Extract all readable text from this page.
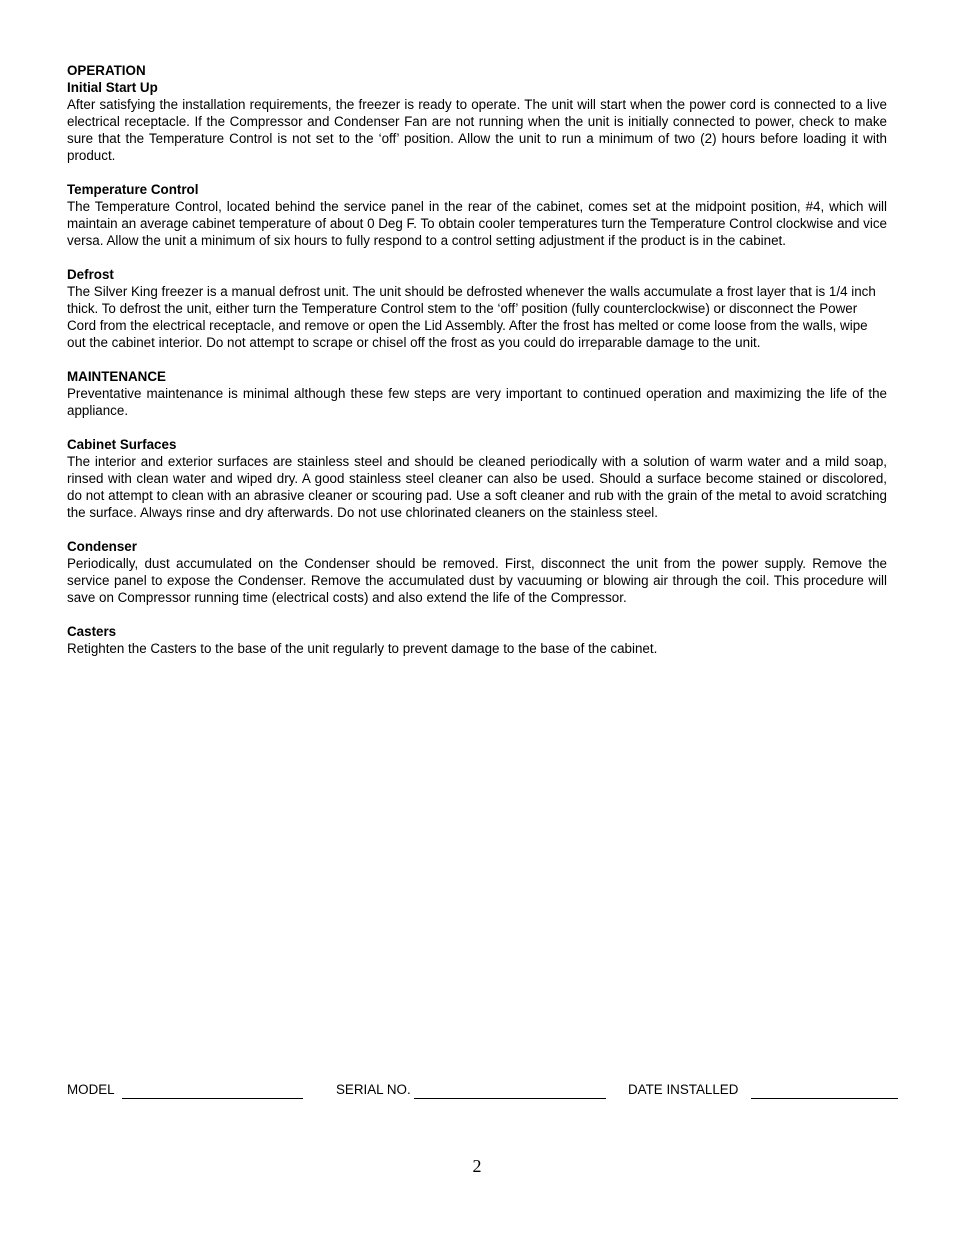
OPERATION

Initial Start Up

After satisfying the installation requirements, the freezer is ready to operate. The unit will start when the power cord is connected to a live electrical receptacle. If the Compressor and Condenser Fan are not running when the unit is initially connected to power, check to make sure that the Temperature Control is not set to the ‘off’ position. Allow the unit to run a minimum of two (2) hours before loading it with product.

Temperature Control

The Temperature Control, located behind the service panel in the rear of the cabinet, comes set at the midpoint position, #4, which will maintain an average cabinet temperature of about 0 Deg F. To obtain cooler temperatures turn the Temperature Control clockwise and vice versa. Allow the unit a minimum of six hours to fully respond to a control setting adjustment if the product is in the cabinet.

Defrost

The Silver King freezer is a manual defrost unit. The unit should be defrosted whenever the walls accumulate a frost layer that is 1/4 inch thick. To defrost the unit, either turn the Temperature Control stem to the ‘off’ position (fully counterclockwise) or disconnect the Power Cord from the electrical receptacle, and remove or open the Lid Assembly. After the frost has melted or come loose from the walls, wipe out the cabinet interior. Do not attempt to scrape or chisel off the frost as you could do irreparable damage to the unit.

MAINTENANCE

Preventative maintenance is minimal although these few steps are very important to continued operation and maximizing the life of the appliance.

Cabinet Surfaces

The interior and exterior surfaces are stainless steel and should be cleaned periodically with a solution of warm water and a mild soap, rinsed with clean water and wiped dry. A good stainless steel cleaner can also be used. Should a surface become stained or discolored, do not attempt to clean with an abrasive cleaner or scouring pad. Use a soft cleaner and rub with the grain of the metal to avoid scratching the surface. Always rinse and dry afterwards. Do not use chlorinated cleaners on the stainless steel.

Condenser

Periodically, dust accumulated on the Condenser should be removed. First, disconnect the unit from the power supply. Remove the service panel to expose the Condenser. Remove the accumulated dust by vacuuming or blowing air through the coil. This procedure will save on Compressor running time (electrical costs) and also extend the life of the Compressor.

Casters

Retighten the Casters to the base of the unit regularly to prevent damage to the base of the cabinet.

MODEL	SERIAL NO.	DATE INSTALLED
2
